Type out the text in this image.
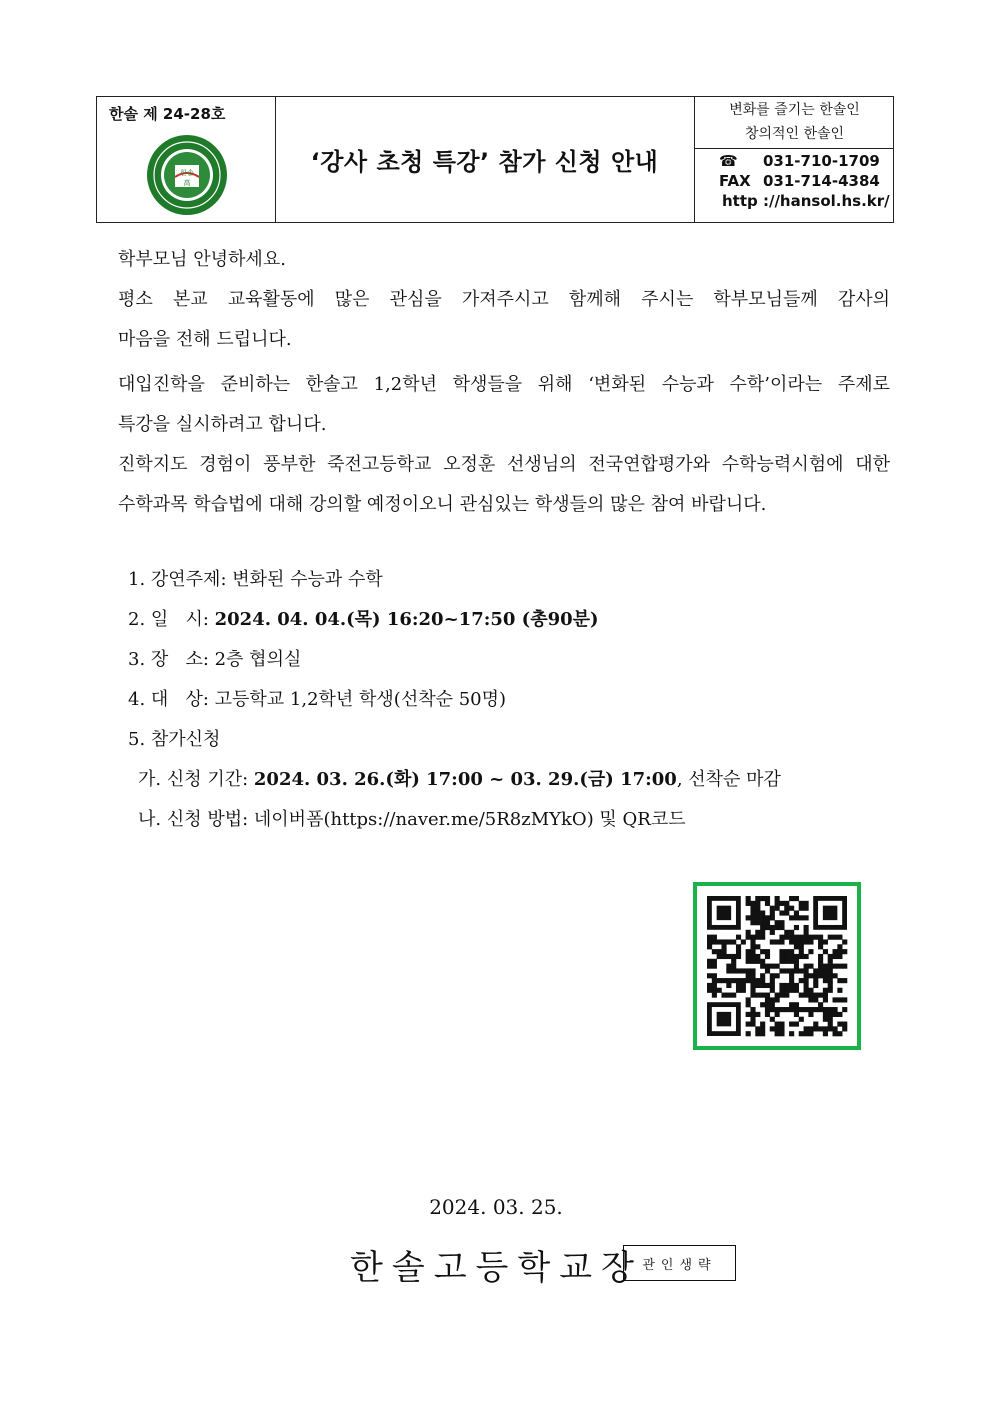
한솔 제 24-28호
한솔
高
‘강사 초청 특강’ 참가 신청 안내
변화를 즐기는 한솔인
창의적인 한솔인
☎ 031-710-1709
FAX 031-714-4384
http ://hansol.hs.kr/

학부모님 안녕하세요.

평소 본교 교육활동에 많은 관심을 가져주시고 함께해 주시는 학부모님들께 감사의

마음을 전해 드립니다.

대입진학을 준비하는 한솔고 1,2학년 학생들을 위해 ‘변화된 수능과 수학’이라는 주제로

특강을 실시하려고 합니다.

진학지도 경험이 풍부한 죽전고등학교 오정훈 선생님의 전국연합평가와 수학능력시험에 대한

수학과목 학습법에 대해 강의할 예정이오니 관심있는 학생들의 많은 참여 바랍니다.

1. 강연주제: 변화된 수능과 수학
2. 일   시: 2024. 04. 04.(목) 16:20~17:50 (총90분)
3. 장   소: 2층 협의실
4. 대   상: 고등학교 1,2학년 학생(선착순 50명)
5. 참가신청
가. 신청 기간: 2024. 03. 26.(화) 17:00 ~ 03. 29.(금) 17:00, 선착순 마감
나. 신청 방법: 네이버폼(https://naver.me/5R8zMYkO) 및 QR코드
2024. 03. 25.
한솔고등학교장 관인생략
